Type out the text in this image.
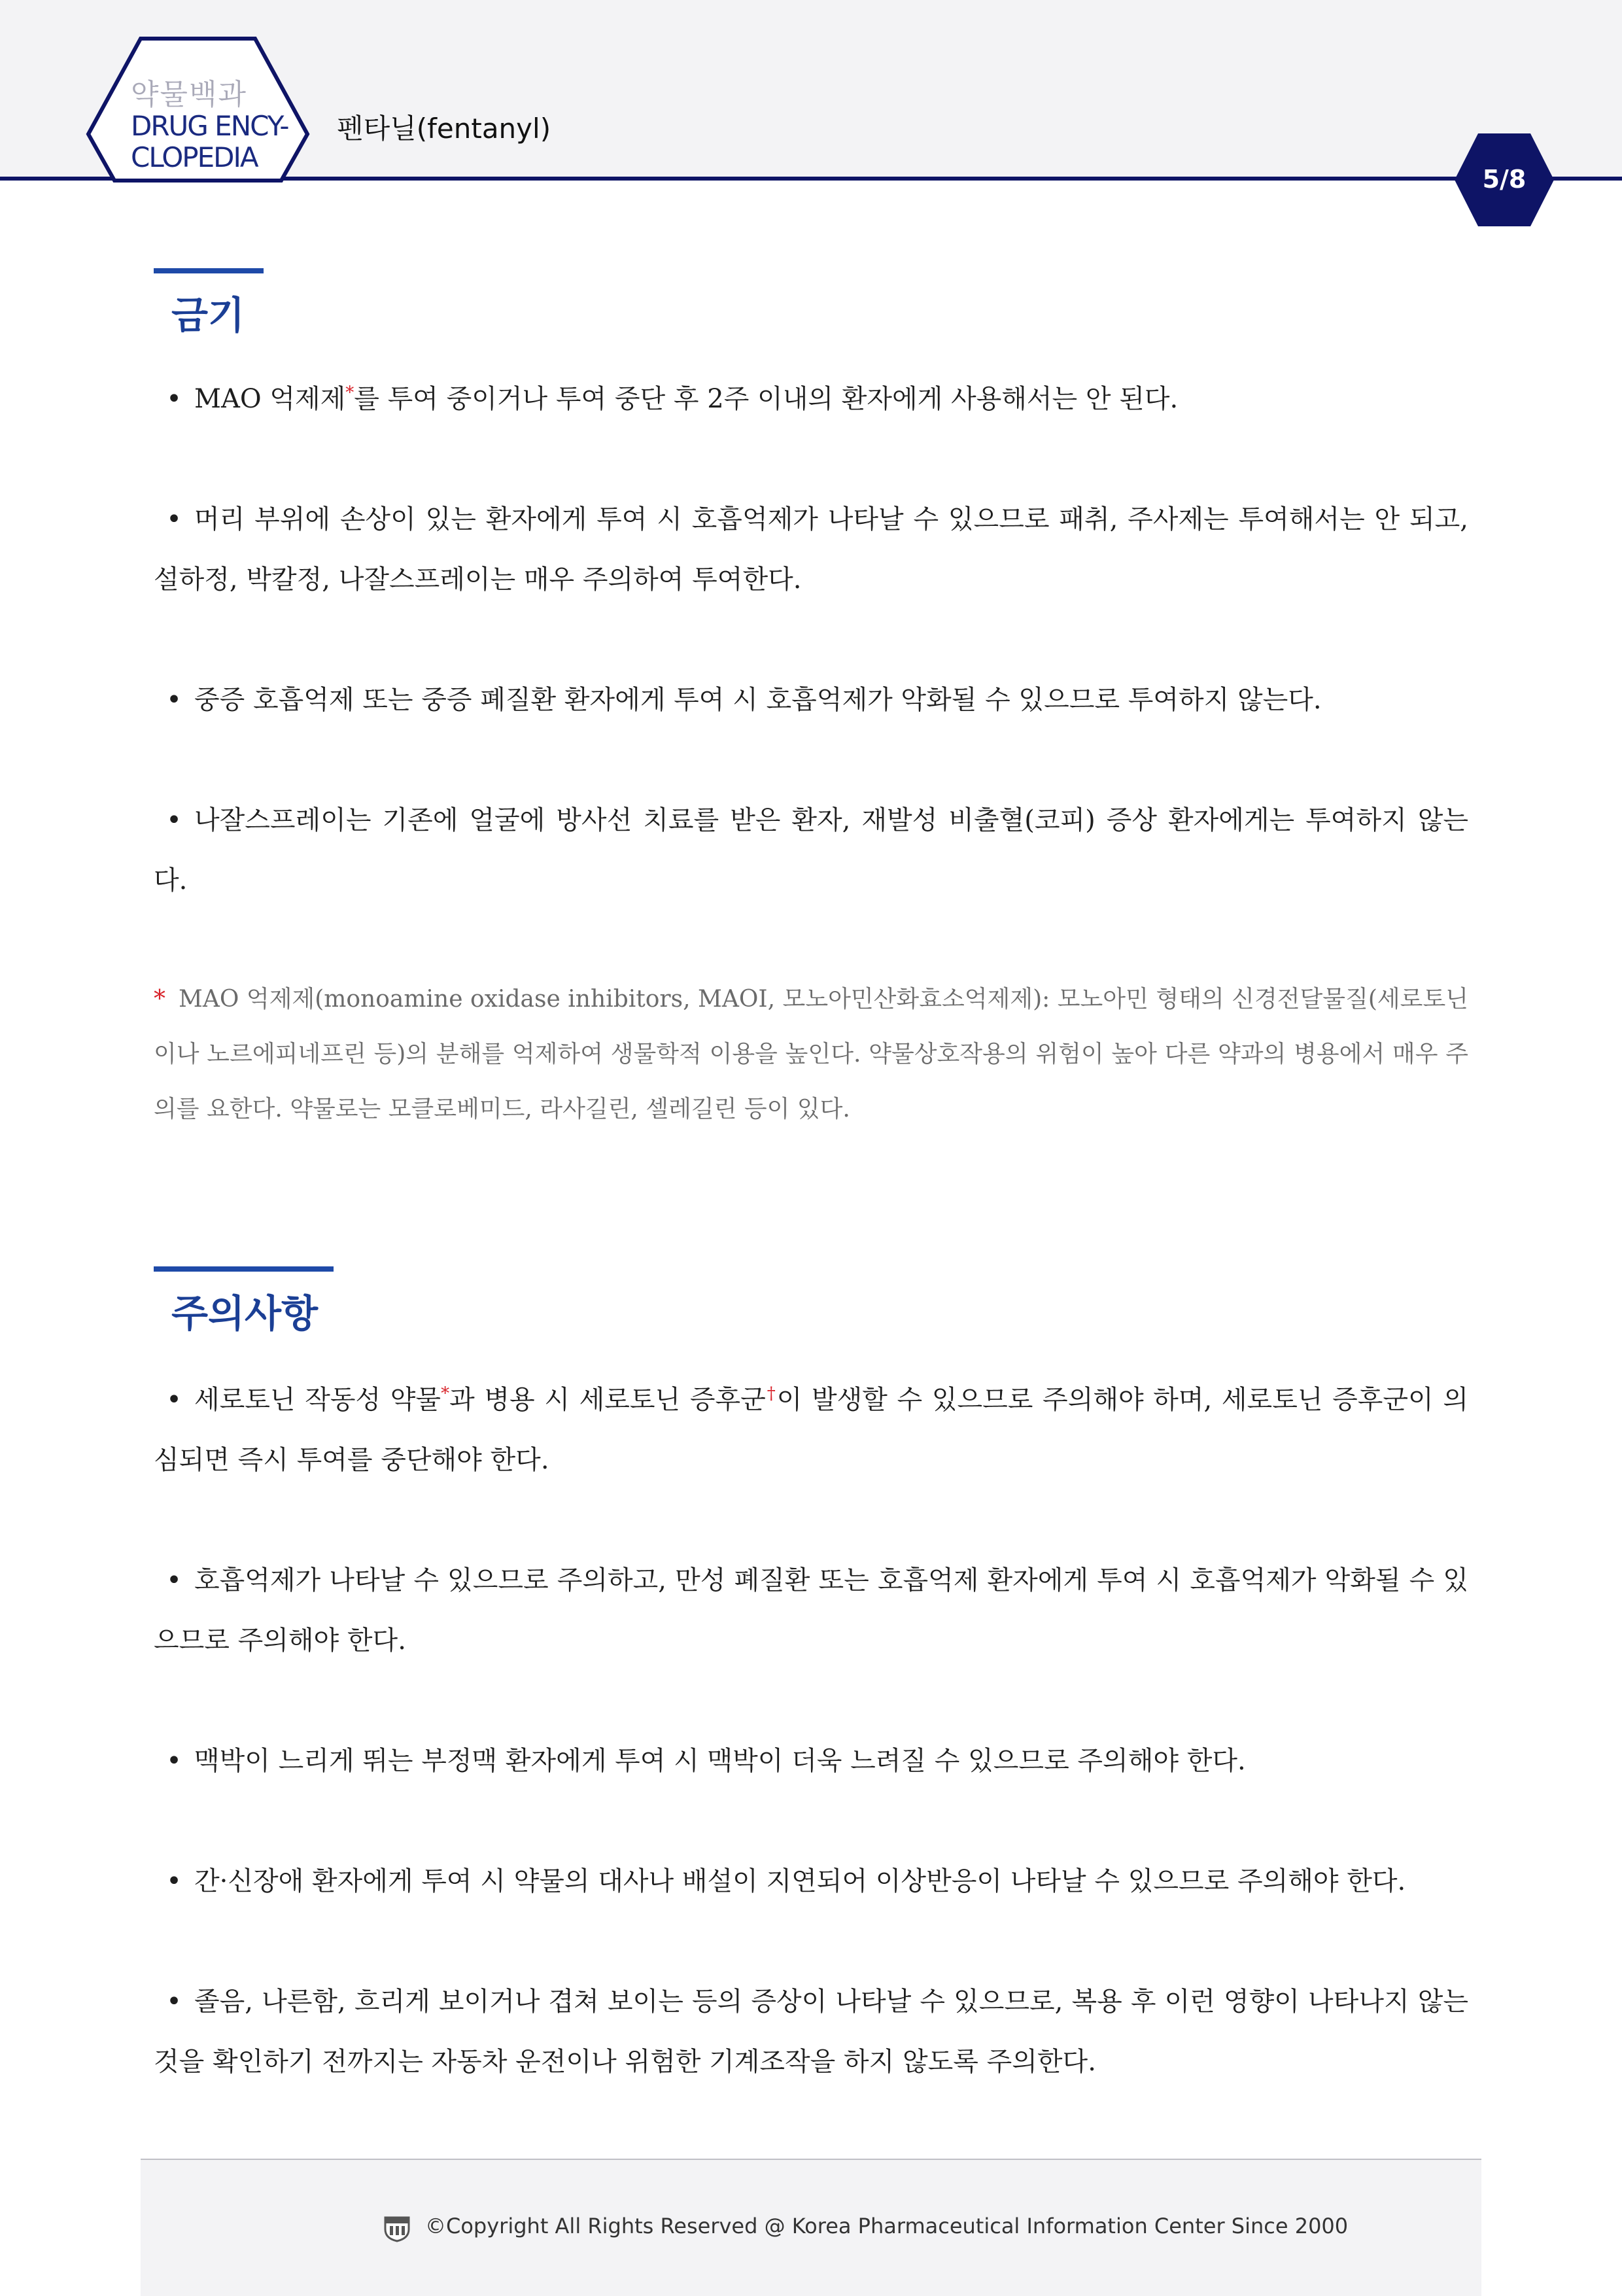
약물백과
DRUG ENCY-
CLOPEDIA
펜타닐(fentanyl)
5/8
금기
• MAO 억제제*를 투여 중이거나 투여 중단 후 2주 이내의 환자에게 사용해서는 안 된다.
• 머리 부위에 손상이 있는 환자에게 투여 시 호흡억제가 나타날 수 있으므로 패취, 주사제는 투여해서는 안 되고, 설하정, 박칼정, 나잘스프레이는 매우 주의하여 투여한다.
• 중증 호흡억제 또는 중증 폐질환 환자에게 투여 시 호흡억제가 악화될 수 있으므로 투여하지 않는다.
• 나잘스프레이는 기존에 얼굴에 방사선 치료를 받은 환자, 재발성 비출혈(코피) 증상 환자에게는 투여하지 않는다.
* MAO 억제제(monoamine oxidase inhibitors, MAOI, 모노아민산화효소억제제): 모노아민 형태의 신경전달물질(세로토닌이나 노르에피네프린 등)의 분해를 억제하여 생물학적 이용을 높인다. 약물상호작용의 위험이 높아 다른 약과의 병용에서 매우 주의를 요한다. 약물로는 모클로베미드, 라사길린, 셀레길린 등이 있다.
주의사항
• 세로토닌 작동성 약물*과 병용 시 세로토닌 증후군†이 발생할 수 있으므로 주의해야 하며, 세로토닌 증후군이 의심되면 즉시 투여를 중단해야 한다.
• 호흡억제가 나타날 수 있으므로 주의하고, 만성 폐질환 또는 호흡억제 환자에게 투여 시 호흡억제가 악화될 수 있으므로 주의해야 한다.
• 맥박이 느리게 뛰는 부정맥 환자에게 투여 시 맥박이 더욱 느려질 수 있으므로 주의해야 한다.
• 간·신장애 환자에게 투여 시 약물의 대사나 배설이 지연되어 이상반응이 나타날 수 있으므로 주의해야 한다.
• 졸음, 나른함, 흐리게 보이거나 겹쳐 보이는 등의 증상이 나타날 수 있으므로, 복용 후 이런 영향이 나타나지 않는 것을 확인하기 전까지는 자동차 운전이나 위험한 기계조작을 하지 않도록 주의한다.
©Copyright All Rights Reserved @ Korea Pharmaceutical Information Center Since 2000
